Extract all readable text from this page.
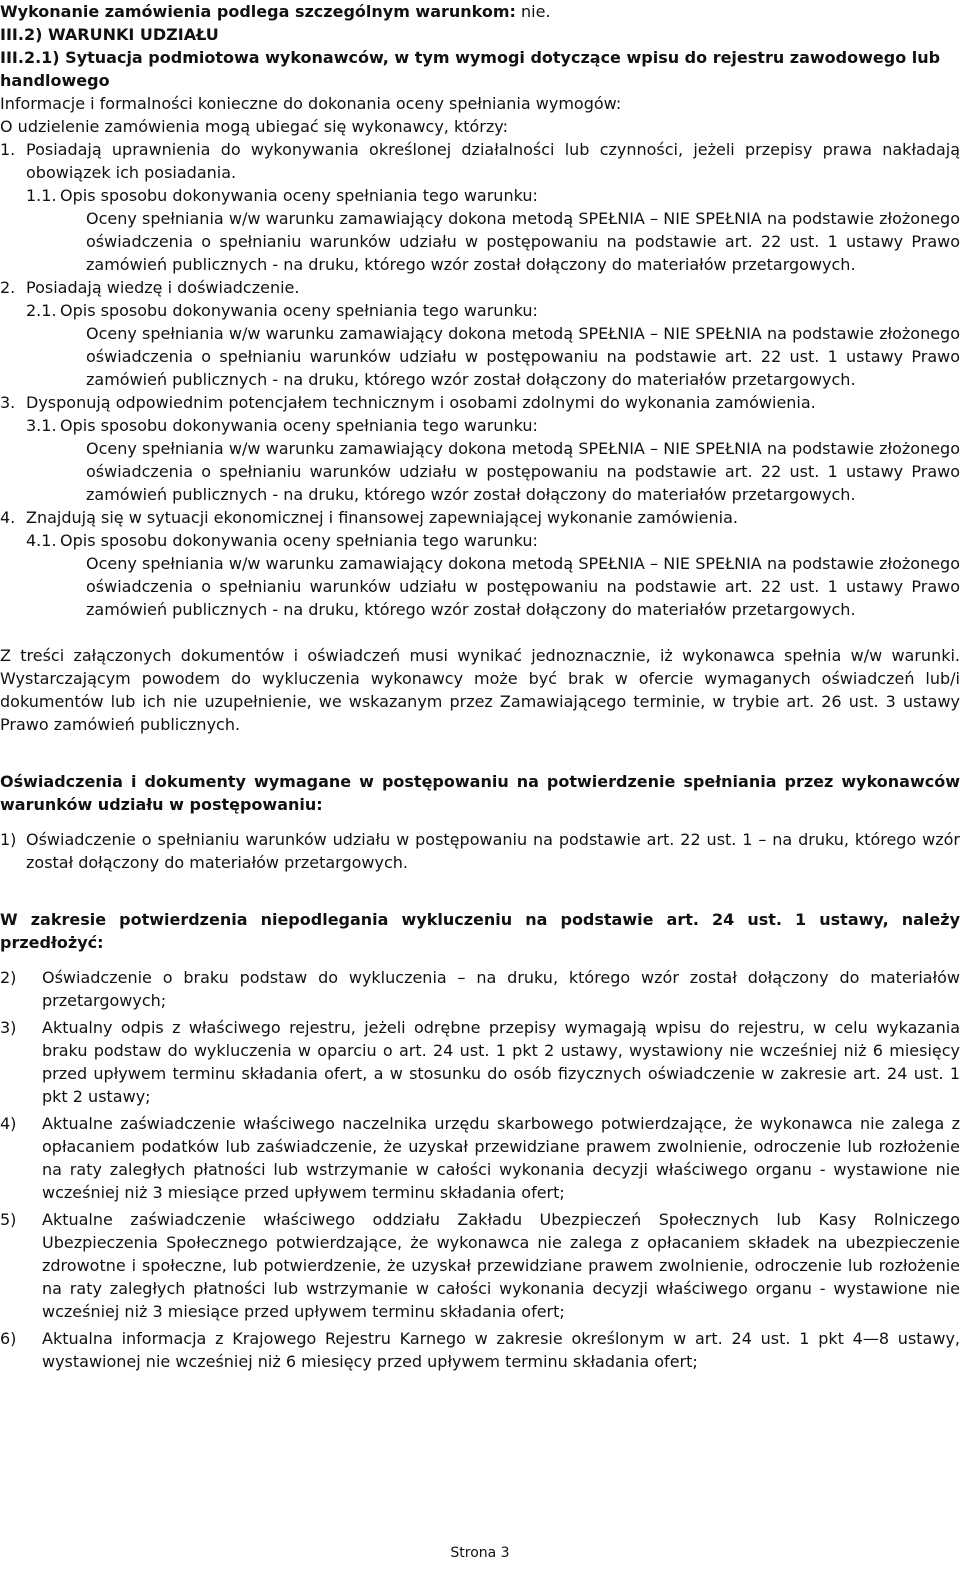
Wykonanie zamówienia podlega szczególnym warunkom: nie.

III.2) WARUNKI UDZIAŁU

III.2.1) Sytuacja podmiotowa wykonawców, w tym wymogi dotyczące wpisu do rejestru zawodowego lub handlowego

Informacje i formalności konieczne do dokonania oceny spełniania wymogów:

O udzielenie zamówienia mogą ubiegać się wykonawcy, którzy:

1. Posiadają uprawnienia do wykonywania określonej działalności lub czynności, jeżeli przepisy prawa nakładają obowiązek ich posiadania.
1.1. Opis sposobu dokonywania oceny spełniania tego warunku:

Oceny spełniania w/w warunku zamawiający dokona metodą SPEŁNIA – NIE SPEŁNIA na podstawie złożonego oświadczenia o spełnianiu warunków udziału w postępowaniu na podstawie art. 22 ust. 1 ustawy Prawo zamówień publicznych - na druku, którego wzór został dołączony do materiałów przetargowych.

2. Posiadają wiedzę i doświadczenie.
2.1. Opis sposobu dokonywania oceny spełniania tego warunku:

Oceny spełniania w/w warunku zamawiający dokona metodą SPEŁNIA – NIE SPEŁNIA na podstawie złożonego oświadczenia o spełnianiu warunków udziału w postępowaniu na podstawie art. 22 ust. 1 ustawy Prawo zamówień publicznych - na druku, którego wzór został dołączony do materiałów przetargowych.

3. Dysponują odpowiednim potencjałem technicznym i osobami zdolnymi do wykonania zamówienia.
3.1. Opis sposobu dokonywania oceny spełniania tego warunku:

Oceny spełniania w/w warunku zamawiający dokona metodą SPEŁNIA – NIE SPEŁNIA na podstawie złożonego oświadczenia o spełnianiu warunków udziału w postępowaniu na podstawie art. 22 ust. 1 ustawy Prawo zamówień publicznych - na druku, którego wzór został dołączony do materiałów przetargowych.

4. Znajdują się w sytuacji ekonomicznej i finansowej zapewniającej wykonanie zamówienia.
4.1. Opis sposobu dokonywania oceny spełniania tego warunku:

Oceny spełniania w/w warunku zamawiający dokona metodą SPEŁNIA – NIE SPEŁNIA na podstawie złożonego oświadczenia o spełnianiu warunków udziału w postępowaniu na podstawie art. 22 ust. 1 ustawy Prawo zamówień publicznych - na druku, którego wzór został dołączony do materiałów przetargowych.

Z treści załączonych dokumentów i oświadczeń musi wynikać jednoznacznie, iż wykonawca spełnia w/w warunki. Wystarczającym powodem do wykluczenia wykonawcy może być brak w ofercie wymaganych oświadczeń lub/i dokumentów lub ich nie uzupełnienie, we wskazanym przez Zamawiającego terminie, w trybie art. 26 ust. 3 ustawy Prawo zamówień publicznych.

Oświadczenia i dokumenty wymagane w postępowaniu na potwierdzenie spełniania przez wykonawców warunków udziału w postępowaniu:

1) Oświadczenie o spełnianiu warunków udziału w postępowaniu na podstawie art. 22 ust. 1 – na druku, którego wzór został dołączony do materiałów przetargowych.

W zakresie potwierdzenia niepodlegania wykluczeniu na podstawie art. 24 ust. 1 ustawy, należy przedłożyć:

2)	Oświadczenie o braku podstaw do wykluczenia – na druku, którego wzór został dołączony do materiałów przetargowych;
3)	Aktualny odpis z właściwego rejestru, jeżeli odrębne przepisy wymagają wpisu do rejestru, w celu wykazania braku podstaw do wykluczenia w oparciu o art. 24 ust. 1 pkt 2 ustawy, wystawiony nie wcześniej niż 6 miesięcy przed upływem terminu składania ofert, a w stosunku do osób fizycznych oświadczenie w zakresie art. 24 ust. 1 pkt 2 ustawy;
4)	Aktualne zaświadczenie właściwego naczelnika urzędu skarbowego potwierdzające, że wykonawca nie zalega z opłacaniem podatków lub zaświadczenie, że uzyskał przewidziane prawem zwolnienie, odroczenie lub rozłożenie na raty zaległych płatności lub wstrzymanie w całości wykonania decyzji właściwego organu - wystawione nie wcześniej niż 3 miesiące przed upływem terminu składania ofert;
5)	Aktualne zaświadczenie właściwego oddziału Zakładu Ubezpieczeń Społecznych lub Kasy Rolniczego Ubezpieczenia Społecznego potwierdzające, że wykonawca nie zalega z opłacaniem składek na ubezpieczenie zdrowotne i społeczne, lub potwierdzenie, że uzyskał przewidziane prawem zwolnienie, odroczenie lub rozłożenie na raty zaległych płatności lub wstrzymanie w całości wykonania decyzji właściwego organu - wystawione nie wcześniej niż 3 miesiące przed upływem terminu składania ofert;
6)	Aktualna informacja z Krajowego Rejestru Karnego w zakresie określonym w art. 24 ust. 1 pkt 4—8 ustawy, wystawionej nie wcześniej niż 6 miesięcy przed upływem terminu składania ofert;
Strona 3
